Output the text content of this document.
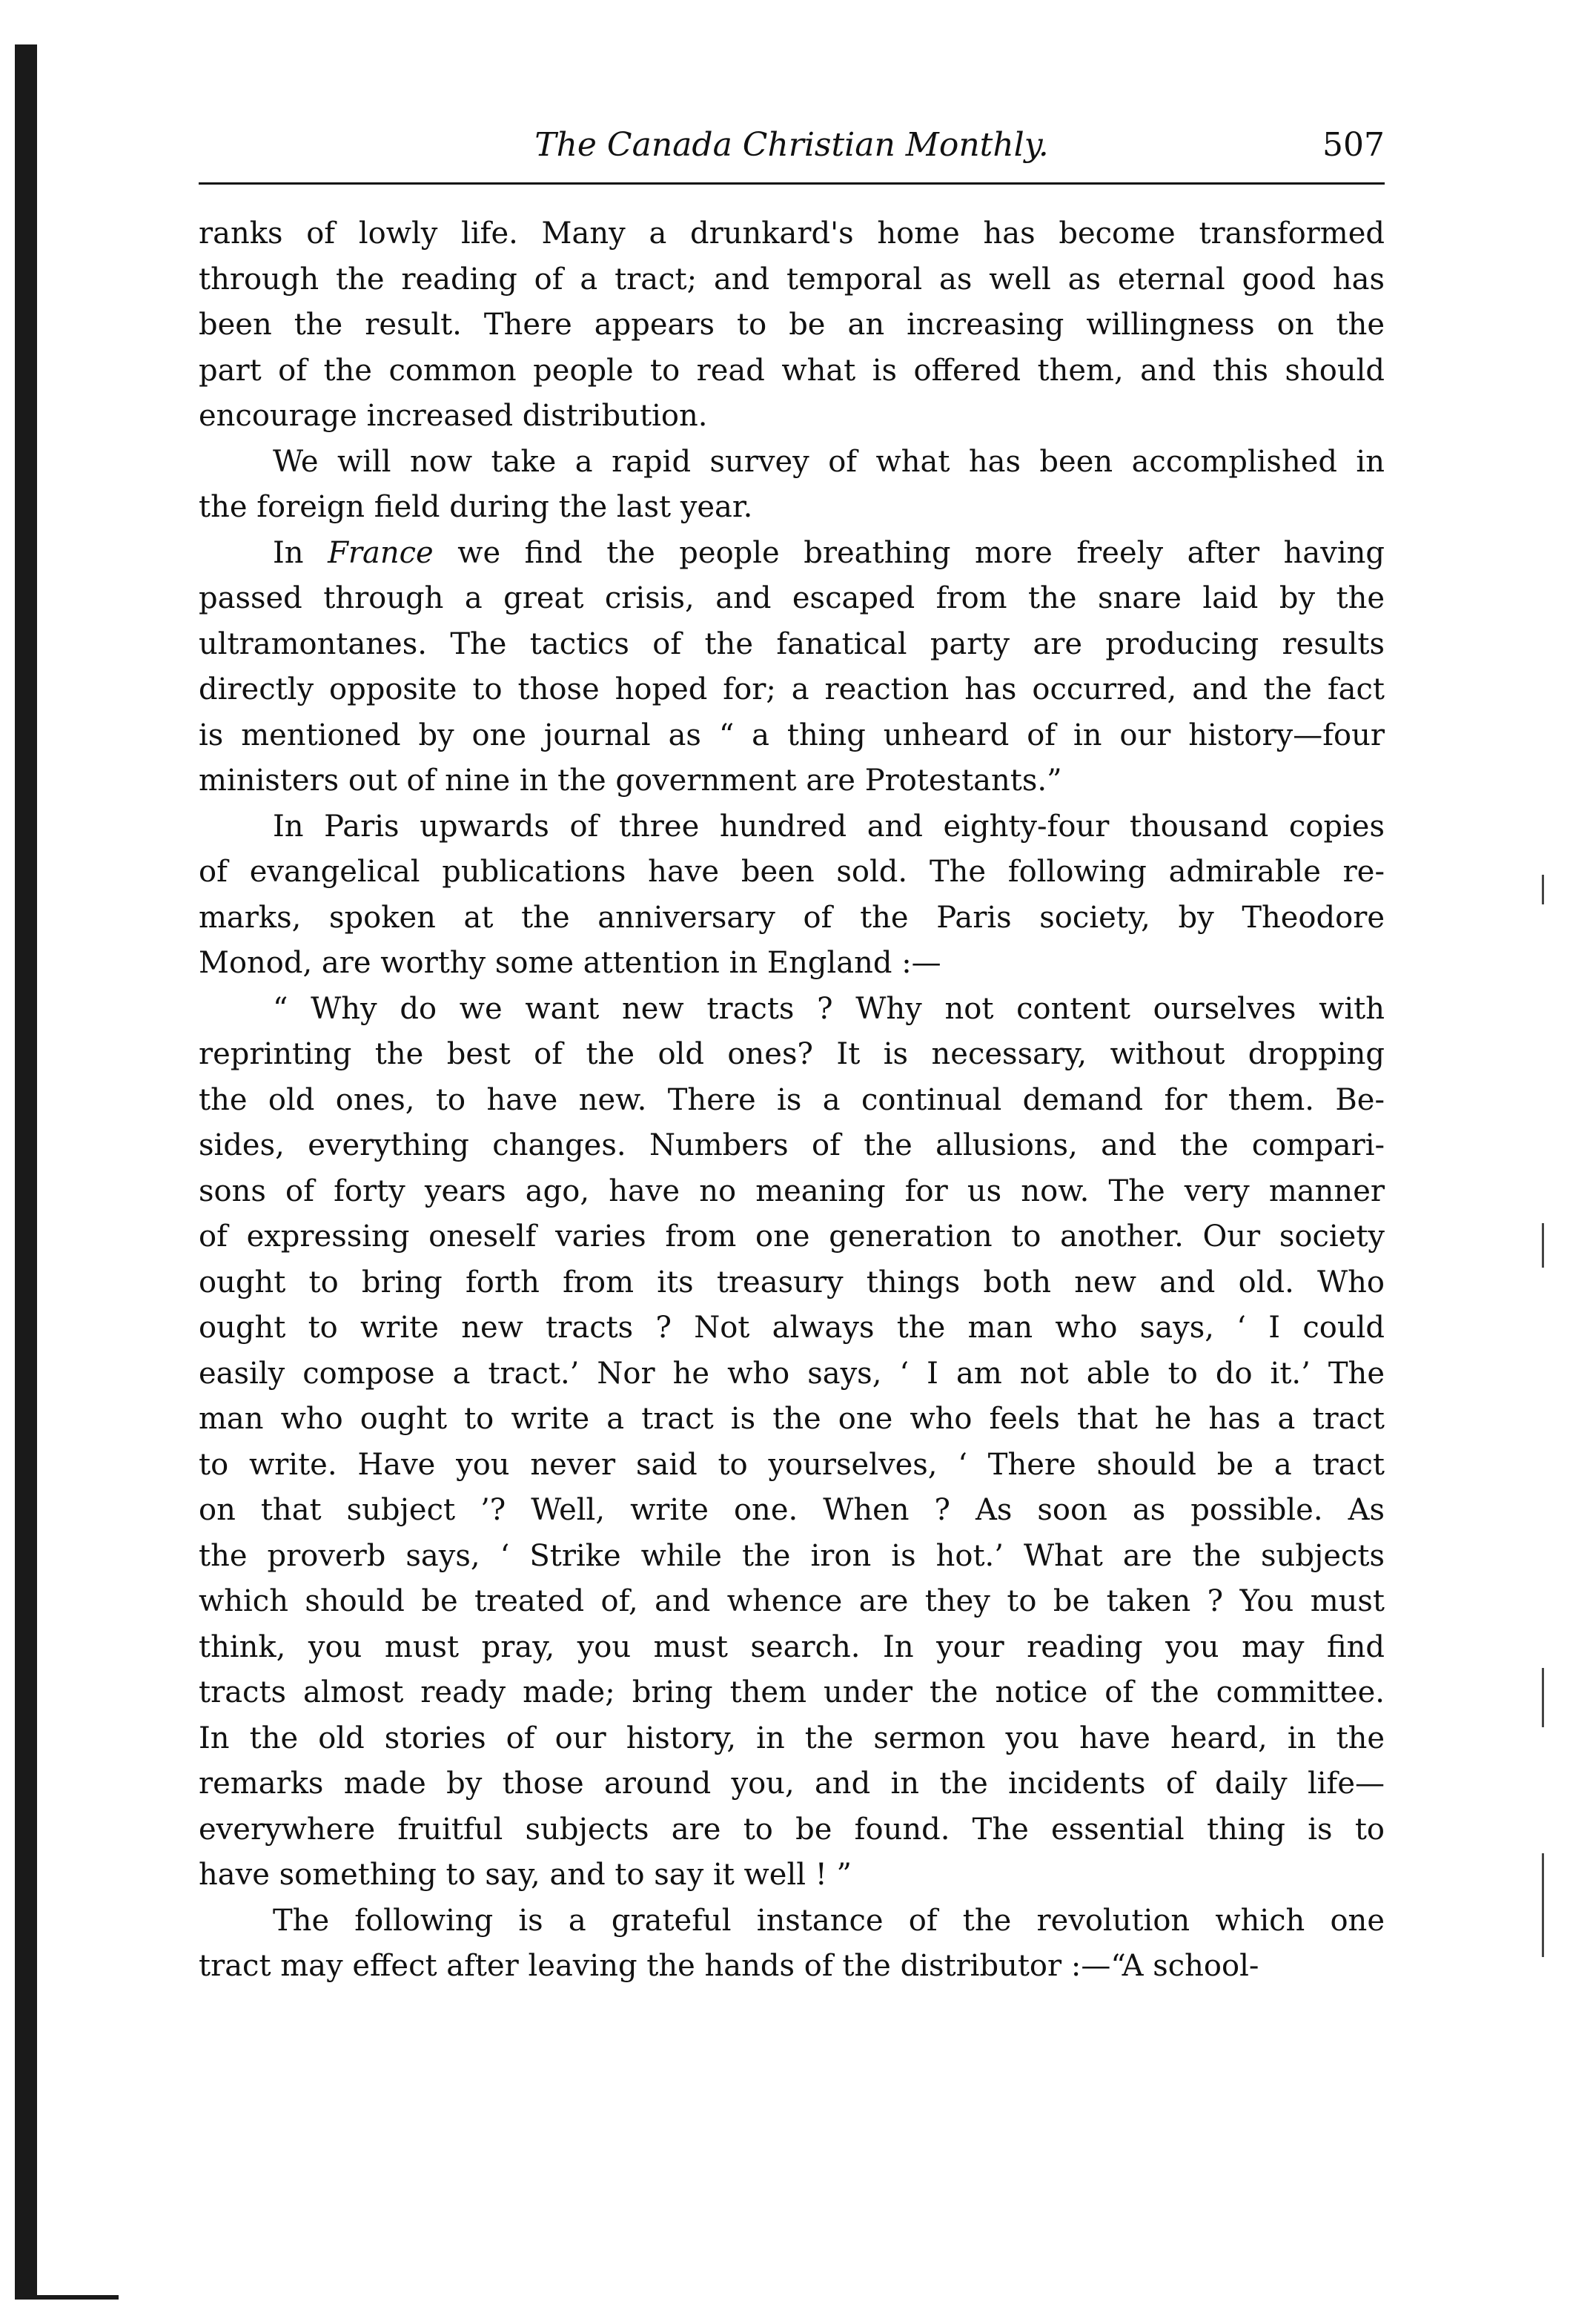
The Canada Christian Monthly.	507
ranks of lowly life. Many a drunkard's home has become transformed
through the reading of a tract; and temporal as well as eternal good has
been the result. There appears to be an increasing willingness on the
part of the common people to read what is offered them, and this should
encourage increased distribution.
We will now take a rapid survey of what has been accomplished in
the foreign field during the last year.
In France we find the people breathing more freely after having
passed through a great crisis, and escaped from the snare laid by the
ultramontanes. The tactics of the fanatical party are producing results
directly opposite to those hoped for; a reaction has occurred, and the fact
is mentioned by one journal as “ a thing unheard of in our history—four
ministers out of nine in the government are Protestants.”
In Paris upwards of three hundred and eighty-four thousand copies
of evangelical publications have been sold. The following admirable re-
marks, spoken at the anniversary of the Paris society, by Theodore
Monod, are worthy some attention in England :—
“ Why do we want new tracts ? Why not content ourselves with
reprinting the best of the old ones? It is necessary, without dropping
the old ones, to have new. There is a continual demand for them. Be-
sides, everything changes. Numbers of the allusions, and the compari-
sons of forty years ago, have no meaning for us now. The very manner
of expressing oneself varies from one generation to another. Our society
ought to bring forth from its treasury things both new and old. Who
ought to write new tracts ? Not always the man who says, ‘ I could
easily compose a tract.’ Nor he who says, ‘ I am not able to do it.’ The
man who ought to write a tract is the one who feels that he has a tract
to write. Have you never said to yourselves, ‘ There should be a tract
on that subject ’? Well, write one. When ? As soon as possible. As
the proverb says, ‘ Strike while the iron is hot.’ What are the subjects
which should be treated of, and whence are they to be taken ? You must
think, you must pray, you must search. In your reading you may find
tracts almost ready made; bring them under the notice of the committee.
In the old stories of our history, in the sermon you have heard, in the
remarks made by those around you, and in the incidents of daily life—
everywhere fruitful subjects are to be found. The essential thing is to
have something to say, and to say it well ! ”
The following is a grateful instance of the revolution which one
tract may effect after leaving the hands of the distributor :—“A school-
